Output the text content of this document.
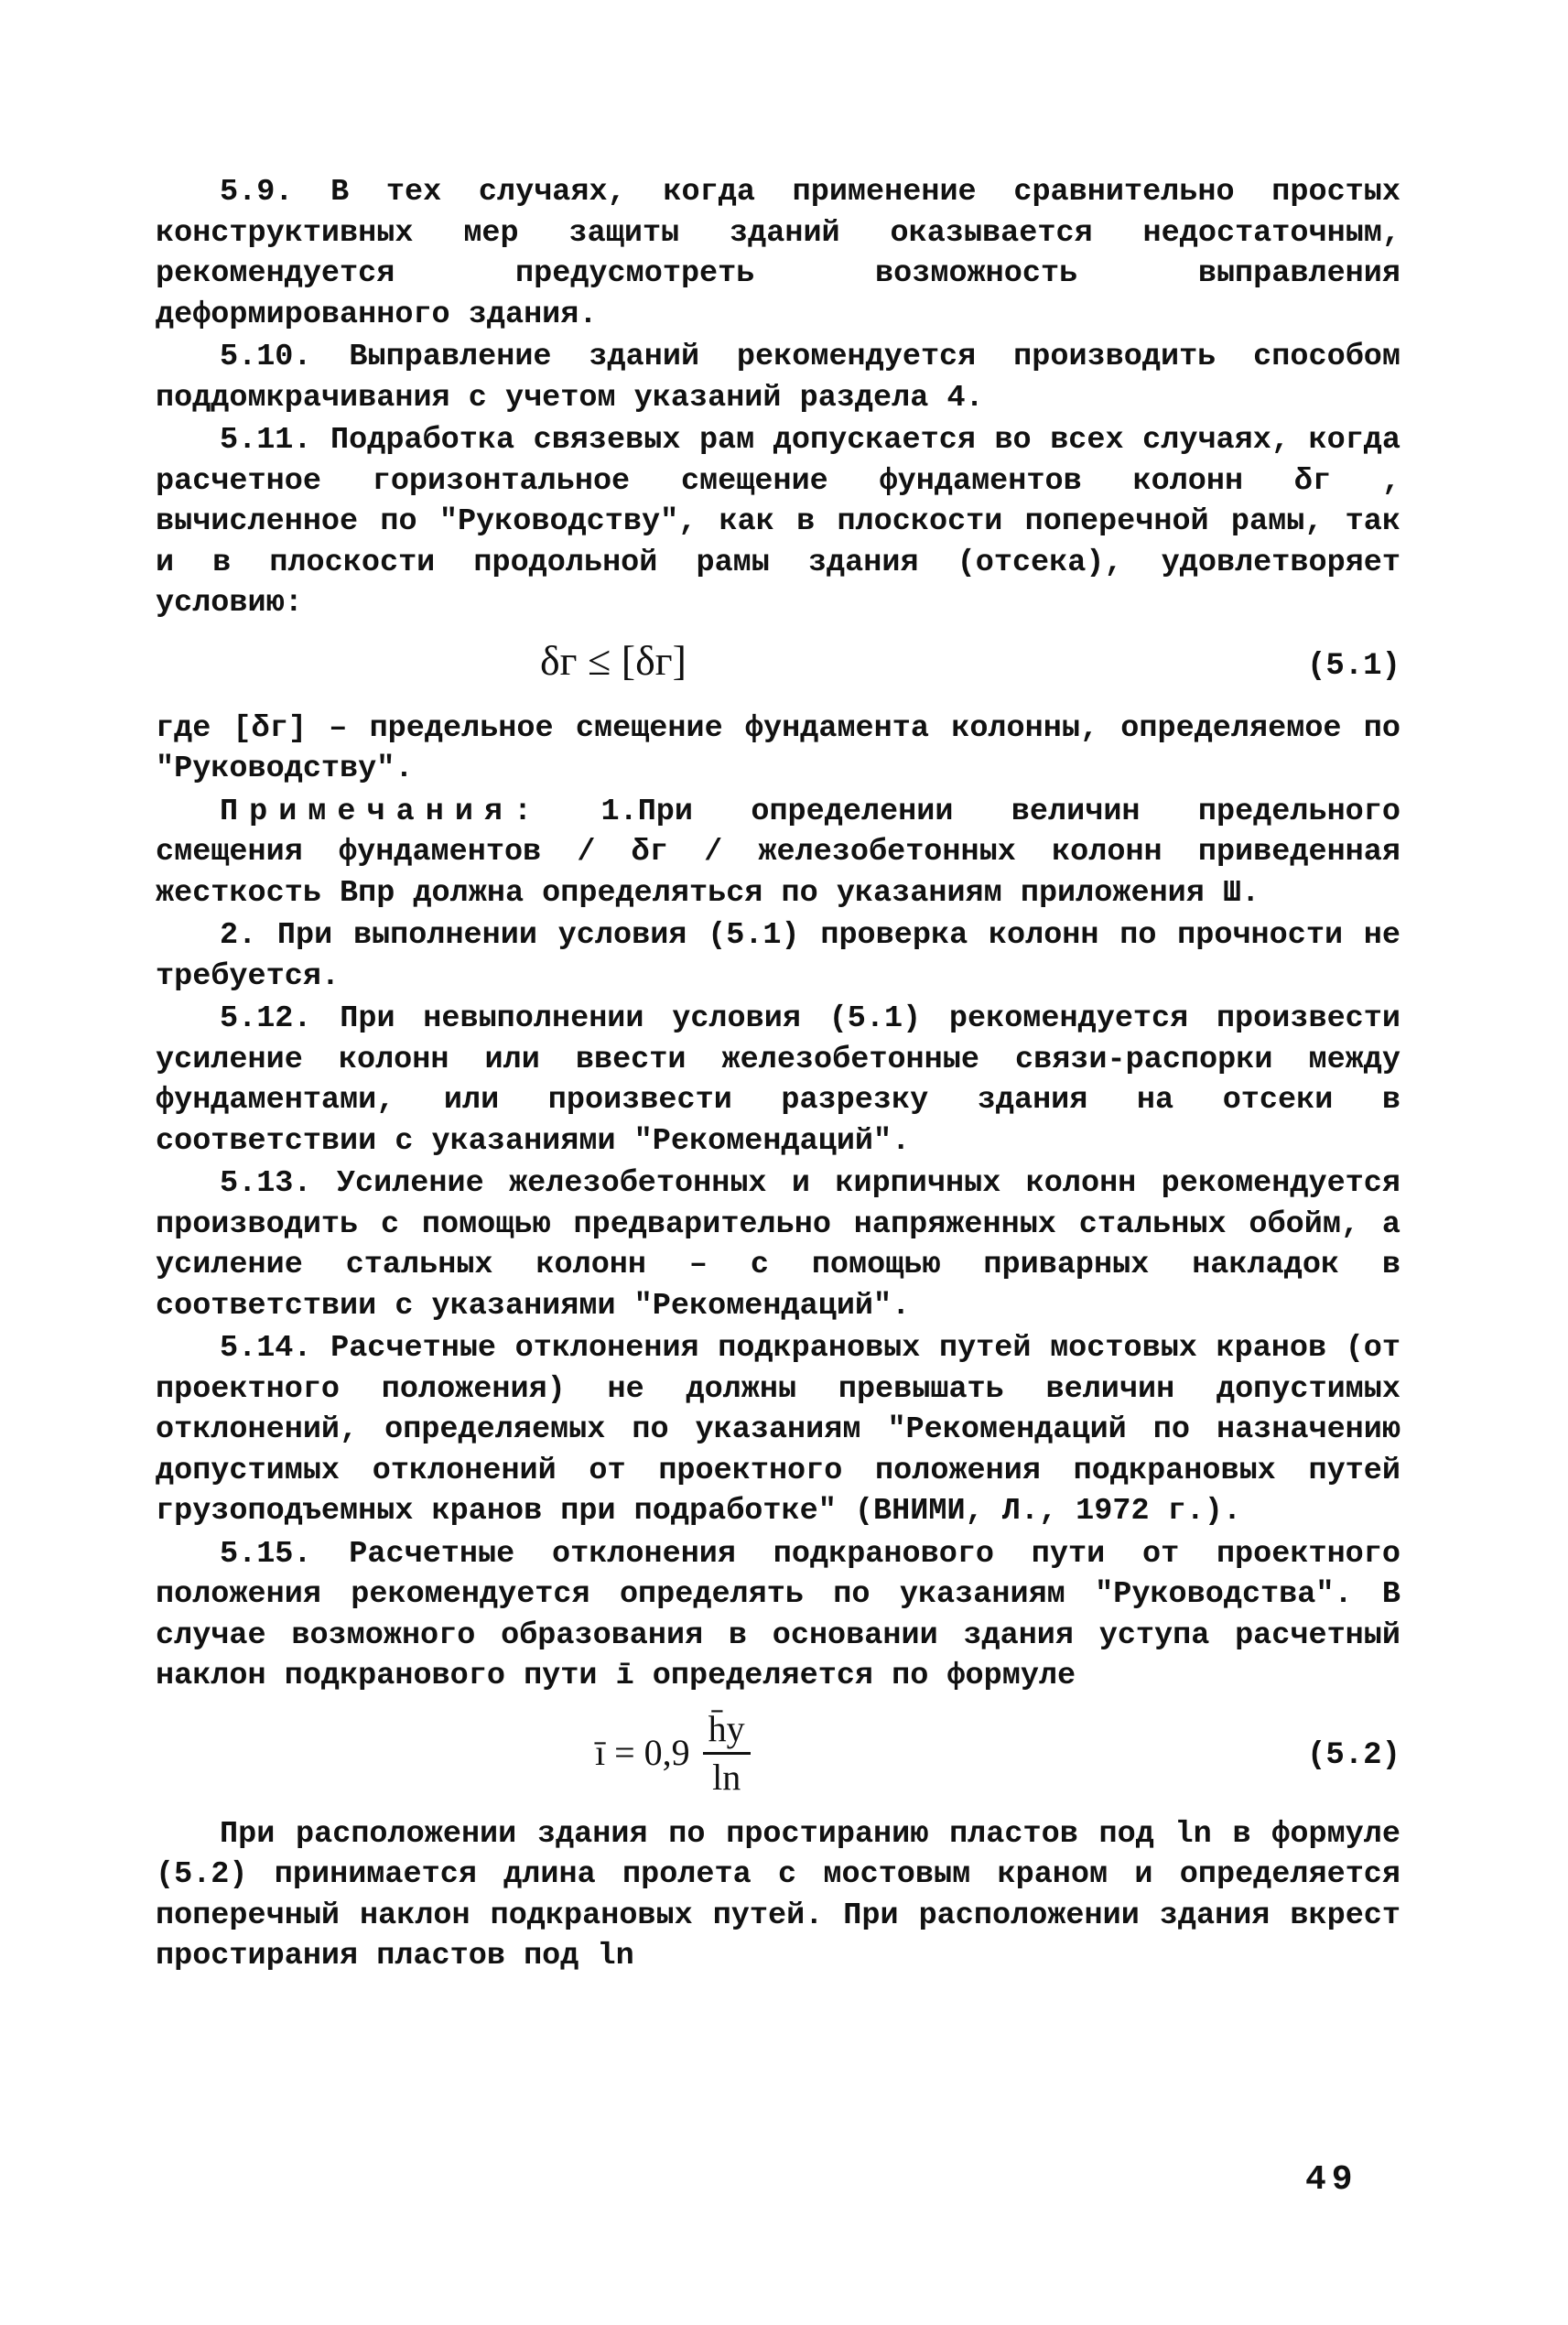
5.9. В тех случаях, когда применение сравнительно простых конструктивных мер защиты зданий оказывается недостаточным, рекомендуется предусмотреть возможность выправления деформированного здания.

5.10. Выправление зданий рекомендуется производить способом поддомкрачивания с учетом указаний раздела 4.

5.11. Подработка связевых рам допускается во всех случаях, когда расчетное горизонтальное смещение фундаментов колонн δг , вычисленное по "Руководству", как в плоскости поперечной рамы, так и в плоскости продольной рамы здания (отсека), удовлетворяет условию:

δг ≤ [δг]	(5.1)

где [δг] – предельное смещение фундамента колонны, определяемое по "Руководству".

Примечания: 1.При определении величин предельного смещения фундаментов / δг / железобетонных колонн приведенная жесткость Впр должна определяться по указаниям приложения Ш.

2. При выполнении условия (5.1) проверка колонн по прочности не требуется.

5.12. При невыполнении условия (5.1) рекомендуется произвести усиление колонн или ввести железобетонные связи-распорки между фундаментами, или произвести разрезку здания на отсеки в соответствии с указаниями "Рекомендаций".

5.13. Усиление железобетонных и кирпичных колонн рекомендуется производить с помощью предварительно напряженных стальных обойм, а усиление стальных колонн – с помощью приварных накладок в соответствии с указаниями "Рекомендаций".

5.14. Расчетные отклонения подкрановых путей мостовых кранов (от проектного положения) не должны превышать величин допустимых отклонений, определяемых по указаниям "Рекомендаций по назначению допустимых отклонений от проектного положения подкрановых путей грузоподъемных кранов при подработке" (ВНИМИ, Л., 1972 г.).

5.15. Расчетные отклонения подкранового пути от проектного положения рекомендуется определять по указаниям "Руководства". В случае возможного образования в основании здания уступа расчетный наклон подкранового пути ī определяется по формуле

ī = $0,9 \frac{h̄y}{\ln}$	(5.2)

При расположении здания по простиранию пластов под ln в формуле (5.2) принимается длина пролета с мостовым краном и определяется поперечный наклон подкрановых путей. При расположении здания вкрест простирания пластов под ln

49
